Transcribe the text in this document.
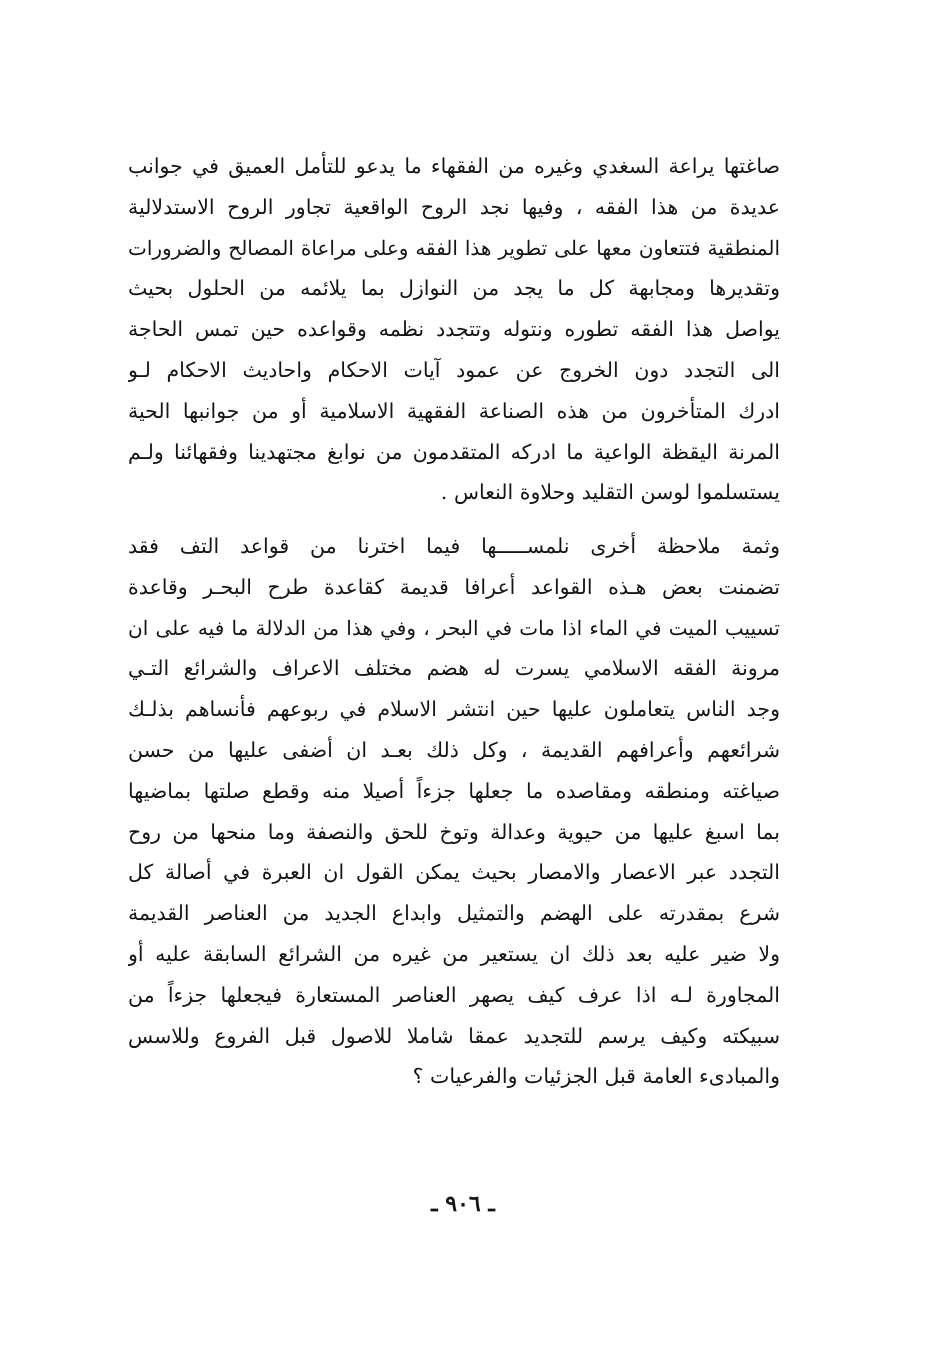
صاغتها يراعة السغدي وغيره من الفقهاء ما يدعو للتأمل العميق في جوانب
عديدة من هذا الفقه ، وفيها نجد الروح الواقعية تجاور الروح الاستدلالية
المنطقية فتتعاون معها على تطوير هذا الفقه وعلى مراعاة المصالح والضرورات
وتقديرها ومجابهة كل ما يجد من النوازل بما يلائمه من الحلول بحيث
يواصل هذا الفقه تطوره ونتوله وتتجدد نظمه وقواعده حين تمس الحاجة
الى التجدد دون الخروج عن عمود آيات الاحكام واحاديث الاحكام لـو
ادرك المتأخرون من هذه الصناعة الفقهية الاسلامية أو من جوانبها الحية
المرنة اليقظة الواعية ما ادركه المتقدمون من نوابغ مجتهدينا وفقهائنا ولـم
يستسلموا لوسن التقليد وحلاوة النعاس .
وثمة ملاحظة أخرى نلمســـــها فيما اخترنا من قواعد التف فقد
تضمنت بعض هـذه القواعد أعرافا قديمة كقاعدة طرح البحـر وقاعدة
تسييب الميت في الماء اذا مات في البحر ، وفي هذا من الدلالة ما فيه على ان
مرونة الفقه الاسلامي يسرت له هضم مختلف الاعراف والشرائع التـي
وجد الناس يتعاملون عليها حين انتشر الاسلام في ربوعهم فأنساهم بذلـك
شرائعهم وأعرافهم القديمة ، وكل ذلك بعـد ان أضفى عليها من حسن
صياغته ومنطقه ومقاصده ما جعلها جزءاً أصيلا منه وقطع صلتها بماضيها
بما اسبغ عليها من حيوية وعدالة وتوخ للحق والنصفة وما منحها من روح
التجدد عبر الاعصار والامصار بحيث يمكن القول ان العبرة في أصالة كل
شرع بمقدرته على الهضم والتمثيل وابداع الجديد من العناصر القديمة
ولا ضير عليه بعد ذلك ان يستعير من غيره من الشرائع السابقة عليه أو
المجاورة لـه اذا عرف كيف يصهر العناصر المستعارة فيجعلها جزءاً من
سبيكته وكيف يرسم للتجديد عمقا شاملا للاصول قبل الفروع وللاسس
والمبادىء العامة قبل الجزئيات والفرعيات ؟
ـ ٩٠٦ ـ
